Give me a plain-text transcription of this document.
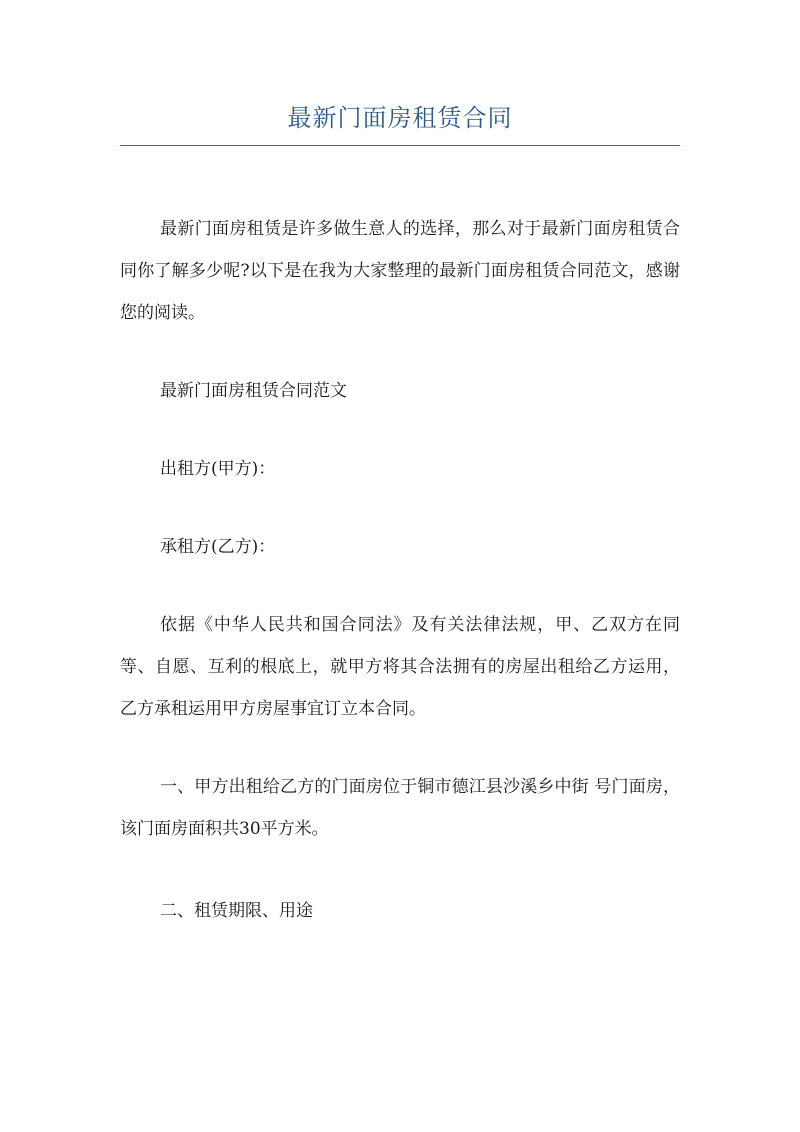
最新门面房租赁合同

最新门面房租赁是许多做生意人的选择，那么对于最新门面房租赁合同你了解多少呢?以下是在我为大家整理的最新门面房租赁合同范文，感谢您的阅读。

最新门面房租赁合同范文

出租方(甲方)：

承租方(乙方)：

依据《中华人民共和国合同法》及有关法律法规，甲、乙双方在同等、自愿、互利的根底上，就甲方将其合法拥有的房屋出租给乙方运用，乙方承租运用甲方房屋事宜订立本合同。

一、甲方出租给乙方的门面房位于铜市德江县沙溪乡中街 号门面房，该门面房面积共30平方米。

二、租赁期限、用途
